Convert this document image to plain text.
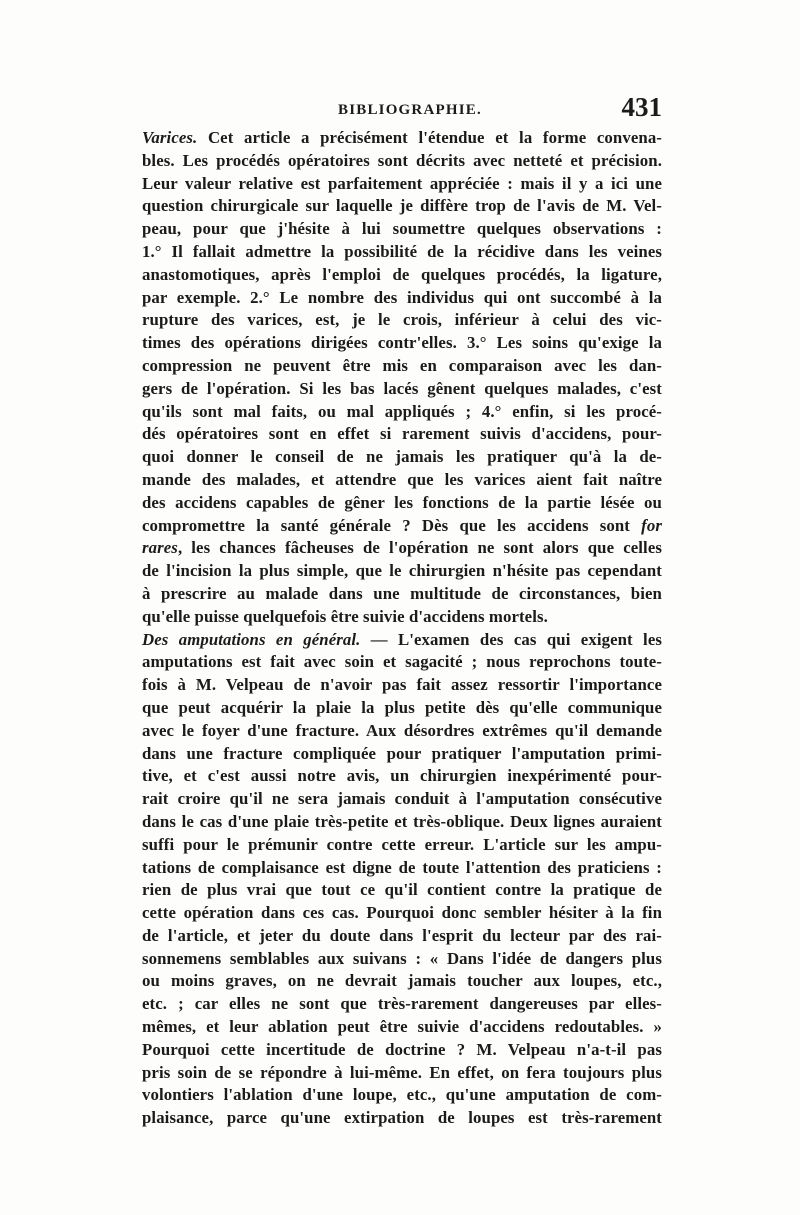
BIBLIOGRAPHIE.	431
Varices. Cet article a précisément l'étendue et la forme convena-
bles. Les procédés opératoires sont décrits avec netteté et précision.
Leur valeur relative est parfaitement appréciée : mais il y a ici une
question chirurgicale sur laquelle je diffère trop de l'avis de M. Vel-
peau, pour que j'hésite à lui soumettre quelques observations :
1.° Il fallait admettre la possibilité de la récidive dans les veines
anastomotiques, après l'emploi de quelques procédés, la ligature,
par exemple. 2.° Le nombre des individus qui ont succombé à la
rupture des varices, est, je le crois, inférieur à celui des vic-
times des opérations dirigées contr'elles. 3.° Les soins qu'exige la
compression ne peuvent être mis en comparaison avec les dan-
gers de l'opération. Si les bas lacés gênent quelques malades, c'est
qu'ils sont mal faits, ou mal appliqués ; 4.° enfin, si les procé-
dés opératoires sont en effet si rarement suivis d'accidens, pour-
quoi donner le conseil de ne jamais les pratiquer qu'à la de-
mande des malades, et attendre que les varices aient fait naître
des accidens capables de gêner les fonctions de la partie lésée ou
compromettre la santé générale ? Dès que les accidens sont for
rares, les chances fâcheuses de l'opération ne sont alors que celles
de l'incision la plus simple, que le chirurgien n'hésite pas cependant
à prescrire au malade dans une multitude de circonstances, bien
qu'elle puisse quelquefois être suivie d'accidens mortels.
Des amputations en général. — L'examen des cas qui exigent les
amputations est fait avec soin et sagacité ; nous reprochons toute-
fois à M. Velpeau de n'avoir pas fait assez ressortir l'importance
que peut acquérir la plaie la plus petite dès qu'elle communique
avec le foyer d'une fracture. Aux désordres extrêmes qu'il demande
dans une fracture compliquée pour pratiquer l'amputation primi-
tive, et c'est aussi notre avis, un chirurgien inexpérimenté pour-
rait croire qu'il ne sera jamais conduit à l'amputation consécutive
dans le cas d'une plaie très-petite et très-oblique. Deux lignes auraient
suffi pour le prémunir contre cette erreur. L'article sur les ampu-
tations de complaisance est digne de toute l'attention des praticiens :
rien de plus vrai que tout ce qu'il contient contre la pratique de
cette opération dans ces cas. Pourquoi donc sembler hésiter à la fin
de l'article, et jeter du doute dans l'esprit du lecteur par des rai-
sonnemens semblables aux suivans : « Dans l'idée de dangers plus
ou moins graves, on ne devrait jamais toucher aux loupes, etc.,
etc. ; car elles ne sont que très-rarement dangereuses par elles-
mêmes, et leur ablation peut être suivie d'accidens redoutables. »
Pourquoi cette incertitude de doctrine ? M. Velpeau n'a-t-il pas
pris soin de se répondre à lui-même. En effet, on fera toujours plus
volontiers l'ablation d'une loupe, etc., qu'une amputation de com-
plaisance, parce qu'une extirpation de loupes est très-rarement
